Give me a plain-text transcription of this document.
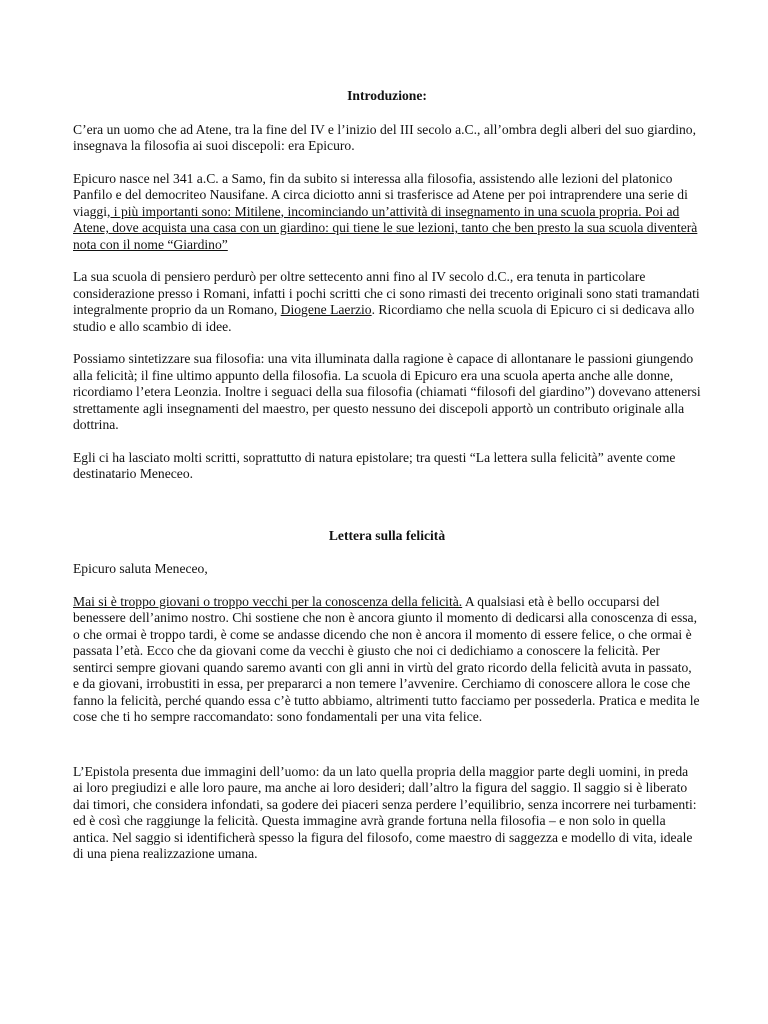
Introduzione:

C’era un uomo che ad Atene, tra la fine del IV e l’inizio del III secolo a.C., all’ombra degli alberi del suo giardino, insegnava la filosofia ai suoi discepoli: era Epicuro.

Epicuro nasce nel 341 a.C. a Samo, fin da subito si interessa alla filosofia, assistendo alle lezioni del platonico Panfilo e del democriteo Nausifane. A circa diciotto anni si trasferisce ad Atene per poi intraprendere una serie di viaggi, i più importanti sono: Mitilene, incominciando un’attività di insegnamento in una scuola propria. Poi ad Atene, dove acquista una casa con un giardino: qui tiene le sue lezioni, tanto che ben presto la sua scuola diventerà nota con il nome “Giardino”

La sua scuola di pensiero perdurò per oltre settecento anni fino al IV secolo d.C., era tenuta in particolare considerazione presso i Romani, infatti i pochi scritti che ci sono rimasti dei trecento originali sono stati tramandati integralmente proprio da un Romano, Diogene Laerzio. Ricordiamo che nella scuola di Epicuro ci si dedicava allo studio e allo scambio di idee.

Possiamo sintetizzare sua filosofia: una vita illuminata dalla ragione è capace di allontanare le passioni giungendo alla felicità; il fine ultimo appunto della filosofia. La scuola di Epicuro era una scuola aperta anche alle donne, ricordiamo l’etera Leonzia. Inoltre i seguaci della sua filosofia (chiamati “filosofi del giardino”) dovevano attenersi strettamente agli insegnamenti del maestro, per questo nessuno dei discepoli apportò un contributo originale alla dottrina.

Egli ci ha lasciato molti scritti, soprattutto di natura epistolare; tra questi “La lettera sulla felicità” avente come destinatario Meneceo.

Lettera sulla felicità

Epicuro saluta Meneceo,

Mai si è troppo giovani o troppo vecchi per la conoscenza della felicità. A qualsiasi età è bello occuparsi del benessere dell’animo nostro. Chi sostiene che non è ancora giunto il momento di dedicarsi alla conoscenza di essa, o che ormai è troppo tardi, è come se andasse dicendo che non è ancora il momento di essere felice, o che ormai è passata l’età. Ecco che da giovani come da vecchi è giusto che noi ci dedichiamo a conoscere la felicità. Per sentirci sempre giovani quando saremo avanti con gli anni in virtù del grato ricordo della felicità avuta in passato, e da giovani, irrobustiti in essa, per prepararci a non temere l’avvenire. Cerchiamo di conoscere allora le cose che fanno la felicità, perché quando essa c’è tutto abbiamo, altrimenti tutto facciamo per possederla. Pratica e medita le cose che ti ho sempre raccomandato: sono fondamentali per una vita felice.

L’Epistola presenta due immagini dell’uomo: da un lato quella propria della maggior parte degli uomini, in preda ai loro pregiudizi e alle loro paure, ma anche ai loro desideri; dall’altro la figura del saggio. Il saggio si è liberato dai timori, che considera infondati, sa godere dei piaceri senza perdere l’equilibrio, senza incorrere nei turbamenti: ed è così che raggiunge la felicità. Questa immagine avrà grande fortuna nella filosofia – e non solo in quella antica. Nel saggio si identificherà spesso la figura del filosofo, come maestro di saggezza e modello di vita, ideale di una piena realizzazione umana.
